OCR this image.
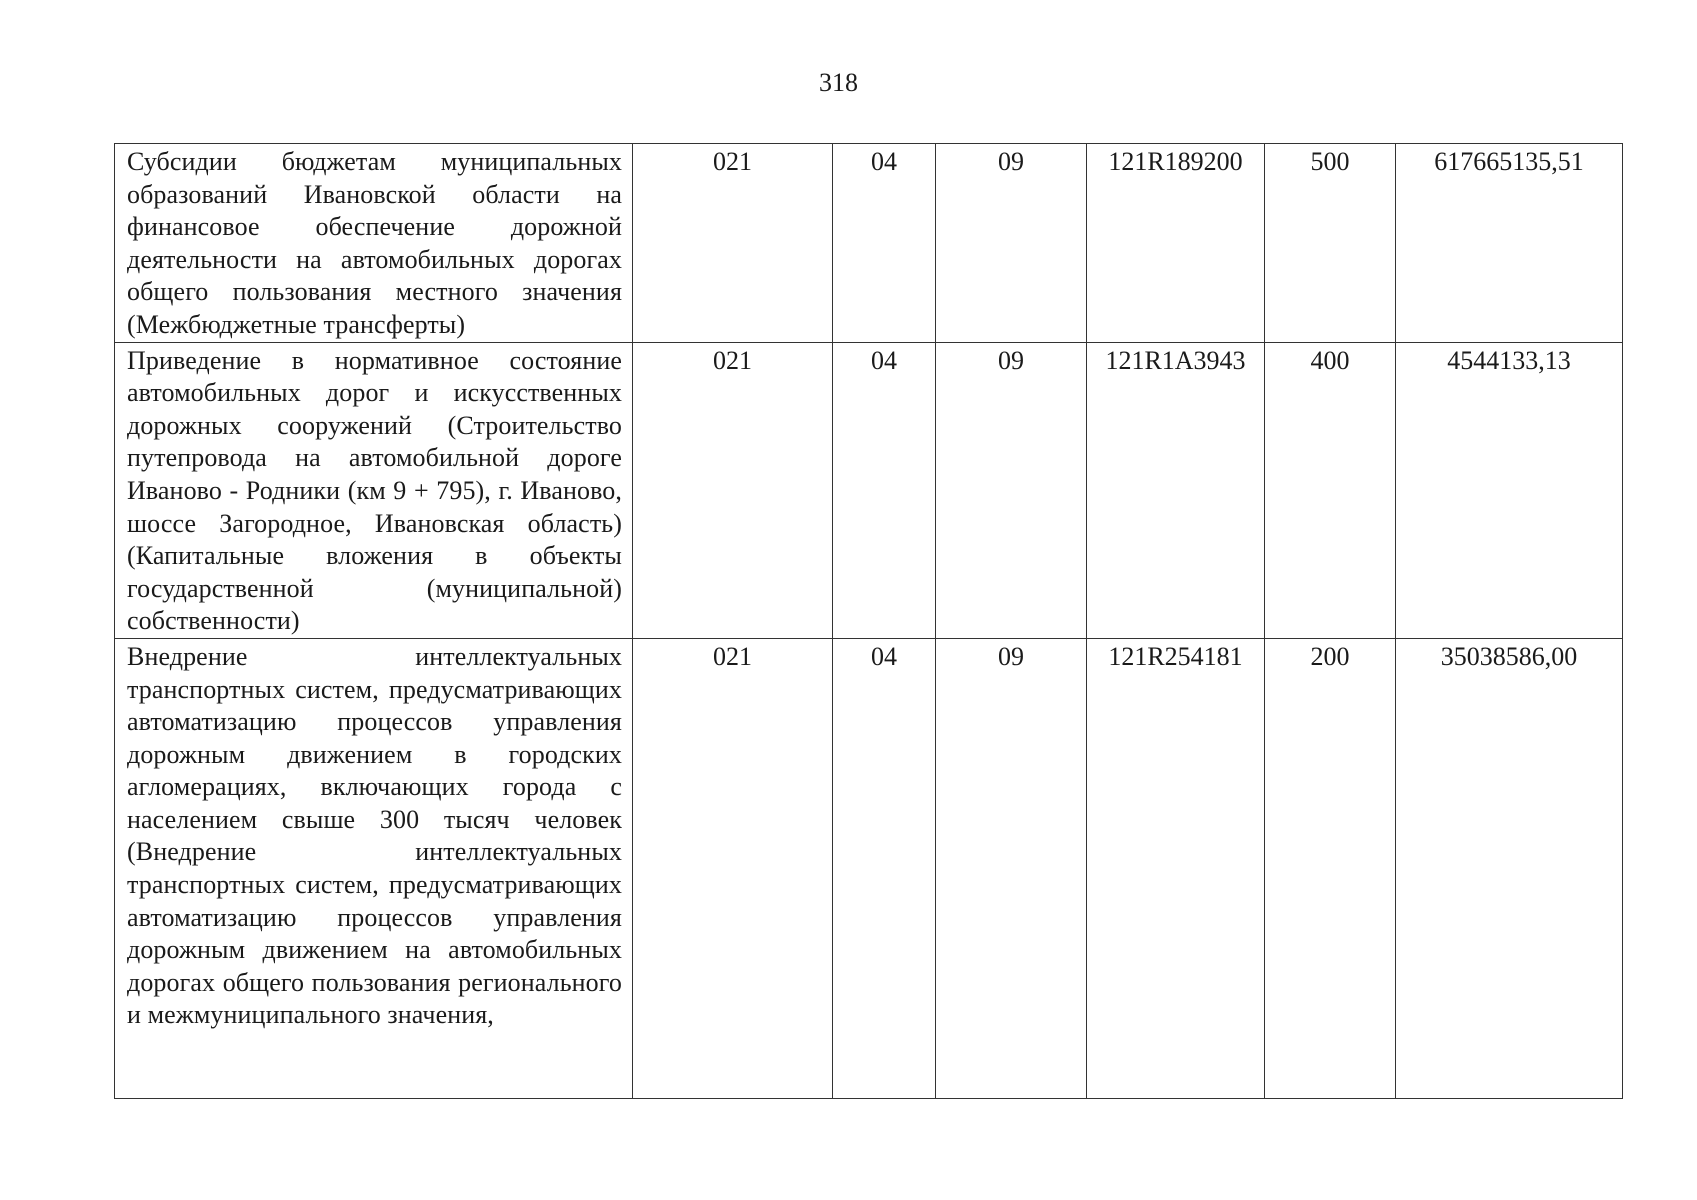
318
Субсидии бюджетам муниципальных образований Ивановской области на финансовое обеспечение дорожной деятельности на автомобильных дорогах общего пользования местного значения (Межбюджетные трансферты)	021	04	09	121R189200	500	617665135,51
Приведение в нормативное состояние автомобильных дорог и искусственных дорожных сооружений (Строительство путепровода на автомобильной дороге Иваново - Родники (км 9 + 795), г. Иваново, шоссе Загородное, Ивановская область) (Капитальные вложения в объекты государственной (муниципальной) собственности)	021	04	09	121R1A3943	400	4544133,13
Внедрение интеллектуальных транспортных систем, предусматривающих автоматизацию процессов управления дорожным движением в городских агломерациях, включающих города с населением свыше 300 тысяч человек (Внедрение интеллектуальных транспортных систем, предусматривающих автоматизацию процессов управления дорожным движением на автомобильных дорогах общего пользования регионального и межмуниципального значения,	021	04	09	121R254181	200	35038586,00
